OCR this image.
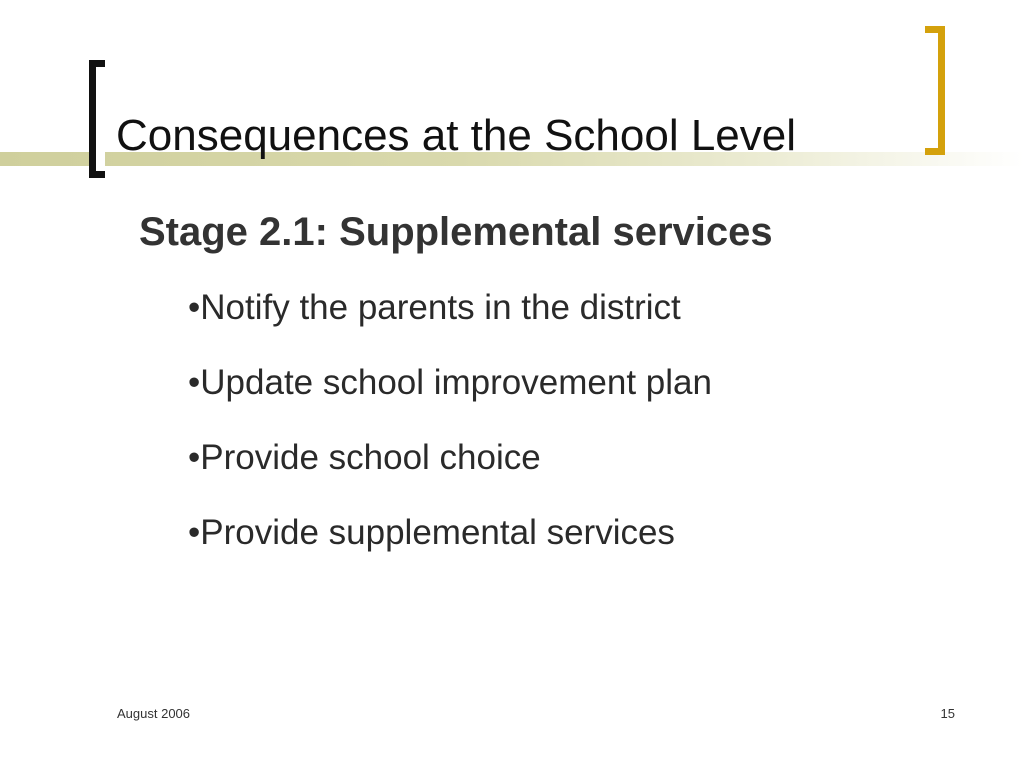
Consequences at the School Level
Stage 2.1: Supplemental services
•Notify the parents in the district
•Update school improvement plan
•Provide school choice
•Provide supplemental services
August 2006	15
